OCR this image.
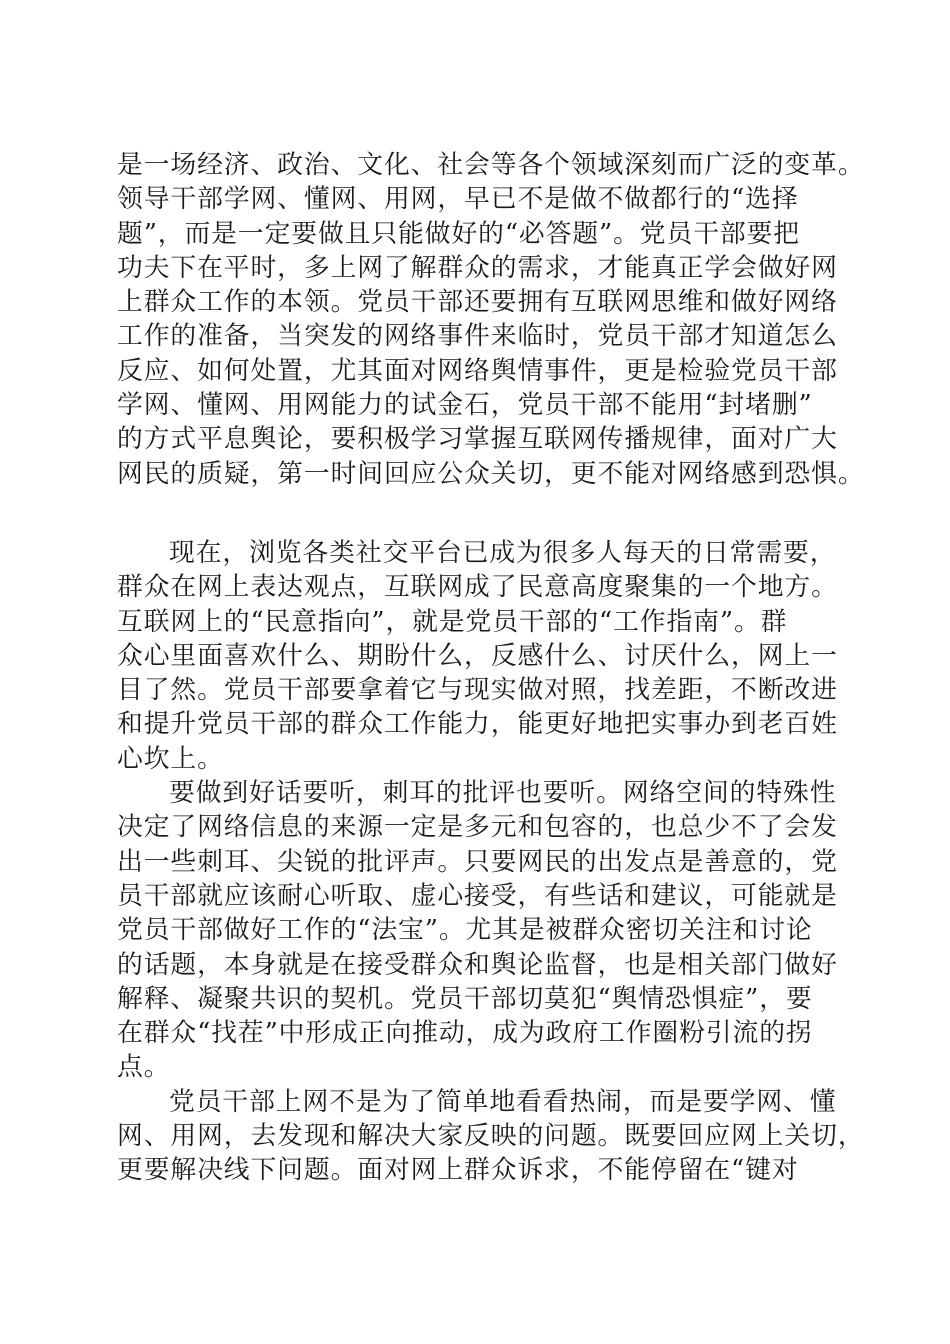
是一场经济、政治、文化、社会等各个领域深刻而广泛的变革。
领导干部学网、懂网、用网，早已不是做不做都行的“选择
题”，而是一定要做且只能做好的“必答题”。党员干部要把
功夫下在平时，多上网了解群众的需求，才能真正学会做好网
上群众工作的本领。党员干部还要拥有互联网思维和做好网络
工作的准备，当突发的网络事件来临时，党员干部才知道怎么
反应、如何处置，尤其面对网络舆情事件，更是检验党员干部
学网、懂网、用网能力的试金石，党员干部不能用“封堵删”
的方式平息舆论，要积极学习掌握互联网传播规律，面对广大
网民的质疑，第一时间回应公众关切，更不能对网络感到恐惧。
现在，浏览各类社交平台已成为很多人每天的日常需要，
群众在网上表达观点，互联网成了民意高度聚集的一个地方。
互联网上的“民意指向”，就是党员干部的“工作指南”。群
众心里面喜欢什么、期盼什么，反感什么、讨厌什么，网上一
目了然。党员干部要拿着它与现实做对照，找差距，不断改进
和提升党员干部的群众工作能力，能更好地把实事办到老百姓
心坎上。
要做到好话要听，刺耳的批评也要听。网络空间的特殊性
决定了网络信息的来源一定是多元和包容的，也总少不了会发
出一些刺耳、尖锐的批评声。只要网民的出发点是善意的，党
员干部就应该耐心听取、虚心接受，有些话和建议，可能就是
党员干部做好工作的“法宝”。尤其是被群众密切关注和讨论
的话题，本身就是在接受群众和舆论监督，也是相关部门做好
解释、凝聚共识的契机。党员干部切莫犯“舆情恐惧症”，要
在群众“找茬”中形成正向推动，成为政府工作圈粉引流的拐
点。
党员干部上网不是为了简单地看看热闹，而是要学网、懂
网、用网，去发现和解决大家反映的问题。既要回应网上关切，
更要解决线下问题。面对网上群众诉求，不能停留在“键对
